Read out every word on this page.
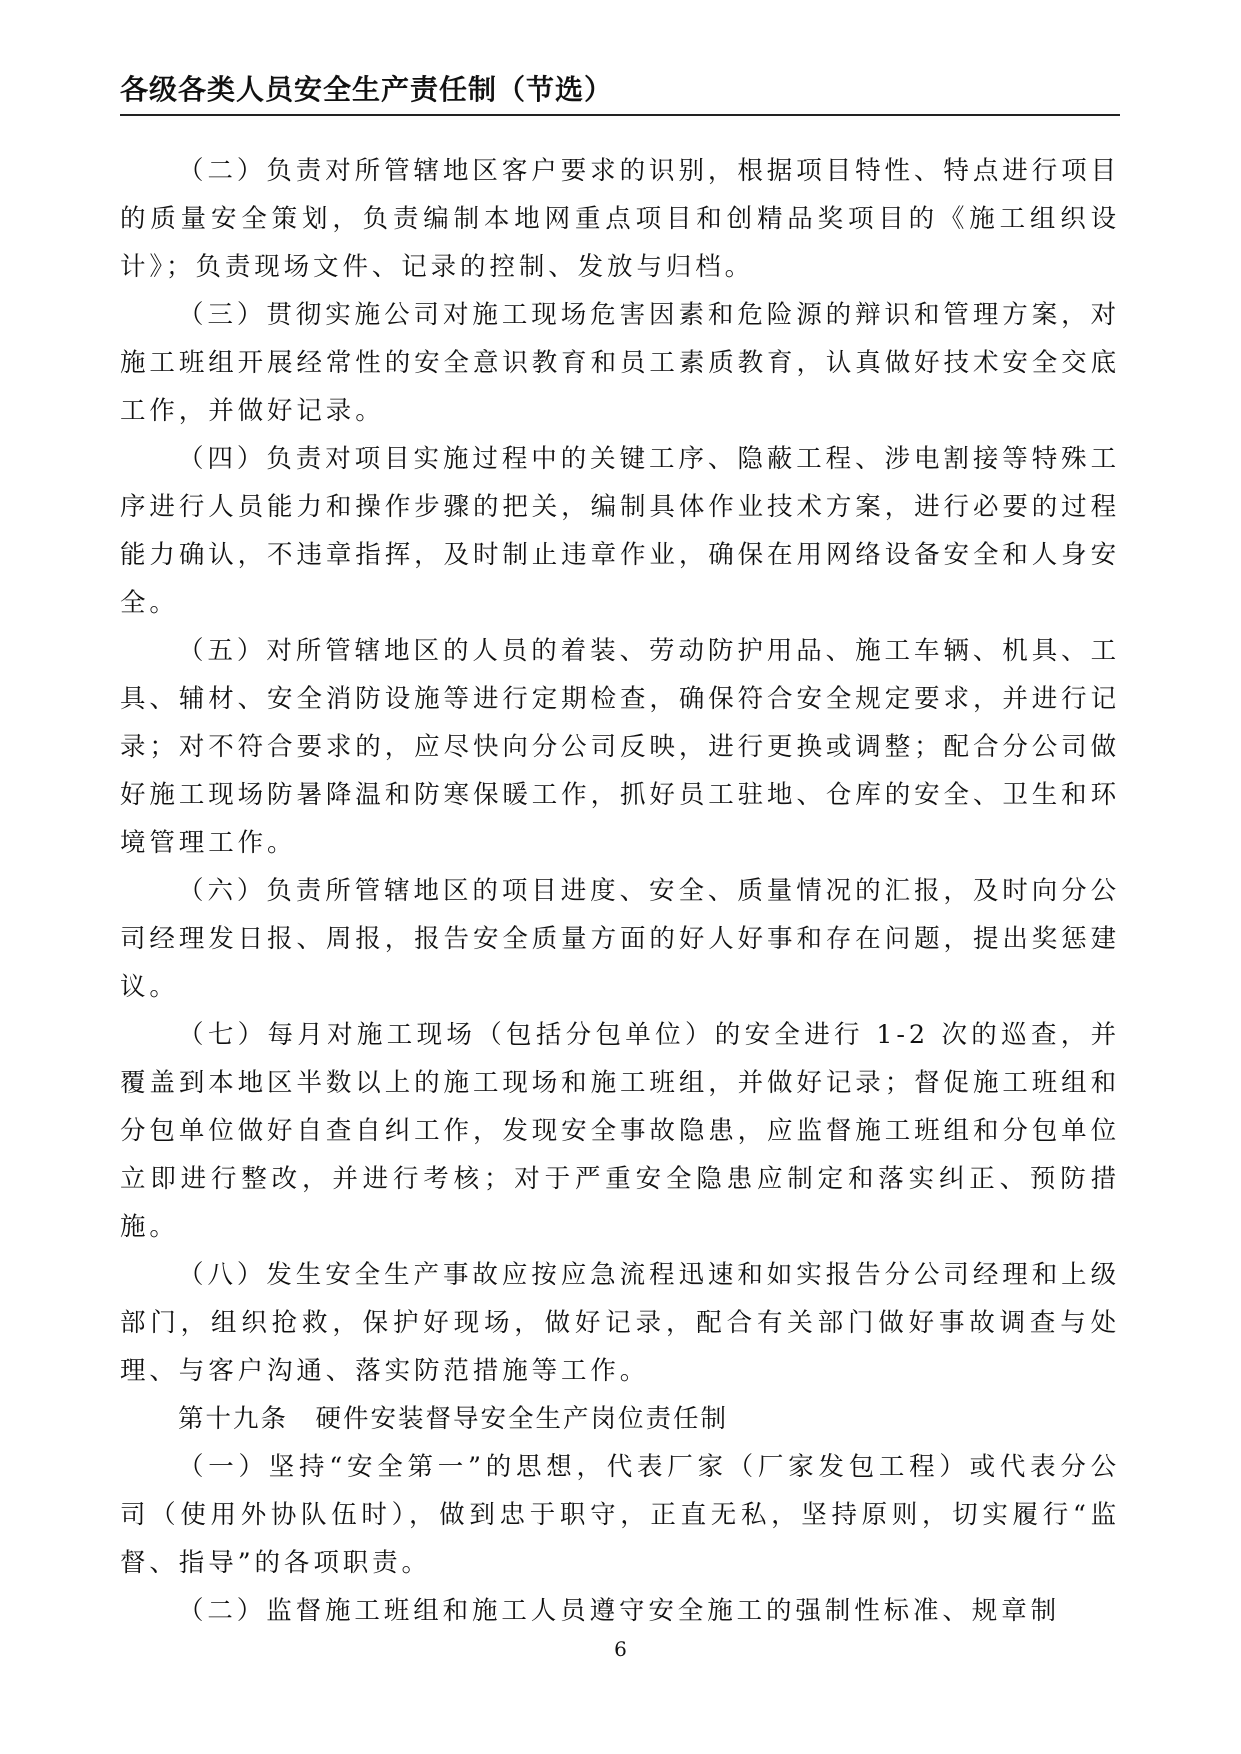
各级各类人员安全生产责任制（节选）

（二）负责对所管辖地区客户要求的识别，根据项目特性、特点进行项目的质量安全策划，负责编制本地网重点项目和创精品奖项目的《施工组织设计》；负责现场文件、记录的控制、发放与归档。

（三）贯彻实施公司对施工现场危害因素和危险源的辩识和管理方案，对施工班组开展经常性的安全意识教育和员工素质教育，认真做好技术安全交底工作，并做好记录。

（四）负责对项目实施过程中的关键工序、隐蔽工程、涉电割接等特殊工序进行人员能力和操作步骤的把关，编制具体作业技术方案，进行必要的过程能力确认，不违章指挥，及时制止违章作业，确保在用网络设备安全和人身安全。

（五）对所管辖地区的人员的着装、劳动防护用品、施工车辆、机具、工具、辅材、安全消防设施等进行定期检查，确保符合安全规定要求，并进行记录；对不符合要求的，应尽快向分公司反映，进行更换或调整；配合分公司做好施工现场防暑降温和防寒保暖工作，抓好员工驻地、仓库的安全、卫生和环境管理工作。

（六）负责所管辖地区的项目进度、安全、质量情况的汇报，及时向分公司经理发日报、周报，报告安全质量方面的好人好事和存在问题，提出奖惩建议。

（七）每月对施工现场（包括分包单位）的安全进行 1-2 次的巡查，并覆盖到本地区半数以上的施工现场和施工班组，并做好记录；督促施工班组和分包单位做好自查自纠工作，发现安全事故隐患，应监督施工班组和分包单位立即进行整改，并进行考核；对于严重安全隐患应制定和落实纠正、预防措施。

（八）发生安全生产事故应按应急流程迅速和如实报告分公司经理和上级部门，组织抢救，保护好现场，做好记录，配合有关部门做好事故调查与处理、与客户沟通、落实防范措施等工作。

第十九条　硬件安装督导安全生产岗位责任制

（一）坚持“安全第一”的思想，代表厂家（厂家发包工程）或代表分公司（使用外协队伍时），做到忠于职守，正直无私，坚持原则，切实履行“监督、指导”的各项职责。

（二）监督施工班组和施工人员遵守安全施工的强制性标准、规章制

6
